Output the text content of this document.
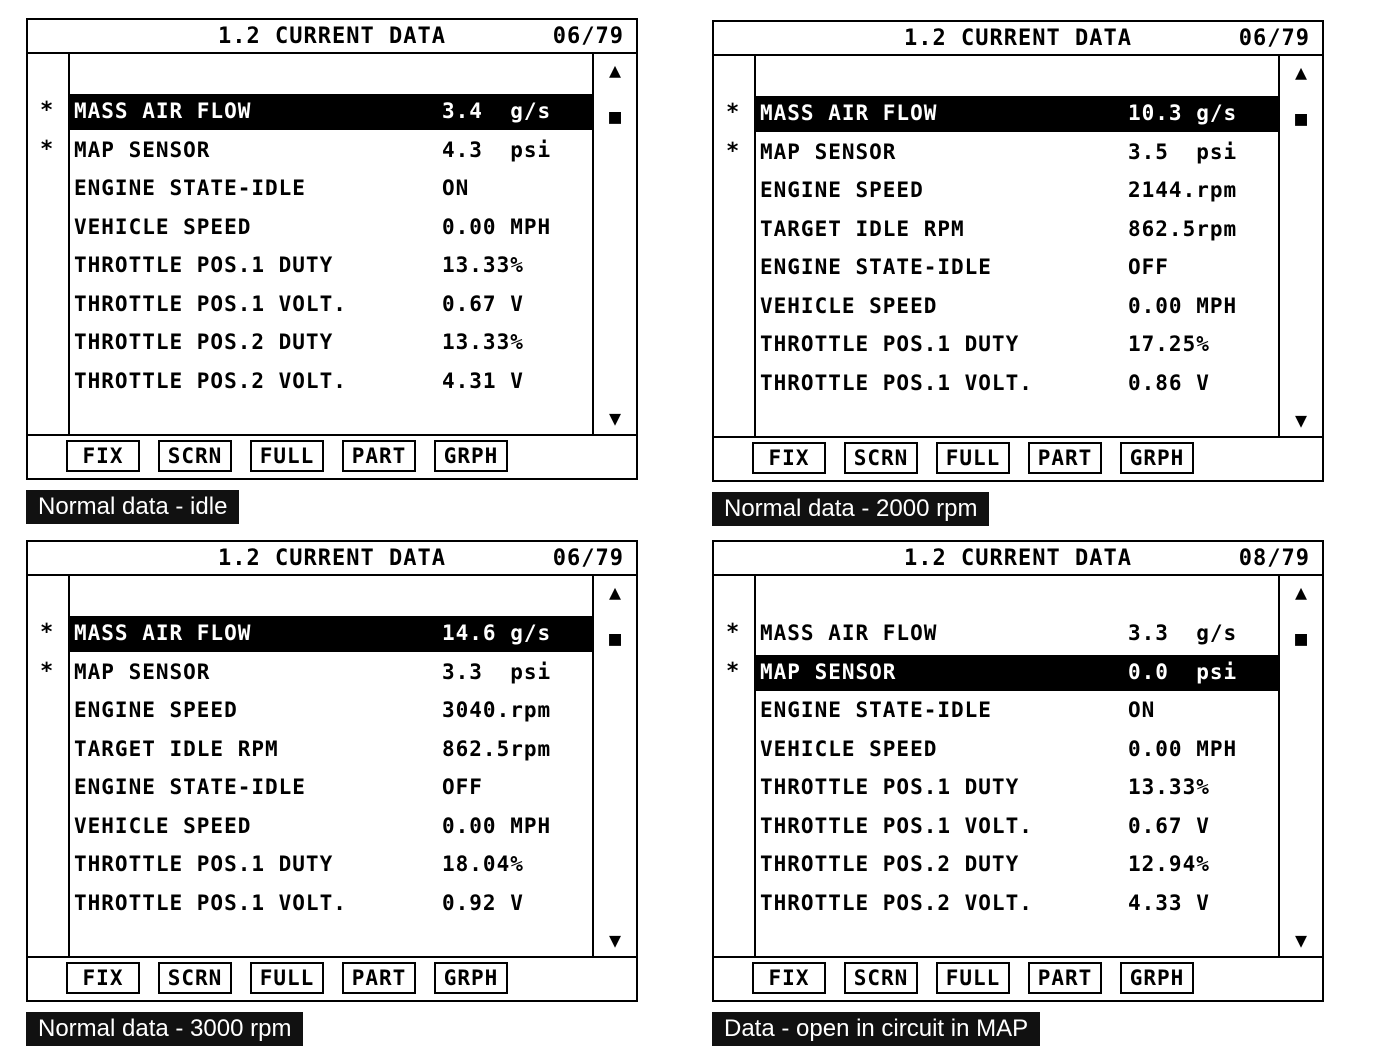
1.2 CURRENT DATA	06/79
▲
■
▼
MASS AIR FLOW	3.4  g/s
MAP SENSOR	4.3  psi
ENGINE STATE-IDLE	ON
VEHICLE SPEED	0.00 MPH
THROTTLE POS.1 DUTY	13.33%
THROTTLE POS.1 VOLT.	0.67 V
THROTTLE POS.2 DUTY	13.33%
THROTTLE POS.2 VOLT.	4.31 V
*
*
FIX	SCRN	FULL	PART	GRPH
Normal data - idle
1.2 CURRENT DATA	06/79
▲
■
▼
MASS AIR FLOW	10.3 g/s
MAP SENSOR	3.5  psi
ENGINE SPEED	2144.rpm
TARGET IDLE RPM	862.5rpm
ENGINE STATE-IDLE	OFF
VEHICLE SPEED	0.00 MPH
THROTTLE POS.1 DUTY	17.25%
THROTTLE POS.1 VOLT.	0.86 V
*
*
FIX	SCRN	FULL	PART	GRPH
Normal data - 2000 rpm
1.2 CURRENT DATA	06/79
▲
■
▼
MASS AIR FLOW	14.6 g/s
MAP SENSOR	3.3  psi
ENGINE SPEED	3040.rpm
TARGET IDLE RPM	862.5rpm
ENGINE STATE-IDLE	OFF
VEHICLE SPEED	0.00 MPH
THROTTLE POS.1 DUTY	18.04%
THROTTLE POS.1 VOLT.	0.92 V
*
*
FIX	SCRN	FULL	PART	GRPH
Normal data - 3000 rpm
1.2 CURRENT DATA	08/79
▲
■
▼
MASS AIR FLOW	3.3  g/s
MAP SENSOR	0.0  psi
ENGINE STATE-IDLE	ON
VEHICLE SPEED	0.00 MPH
THROTTLE POS.1 DUTY	13.33%
THROTTLE POS.1 VOLT.	0.67 V
THROTTLE POS.2 DUTY	12.94%
THROTTLE POS.2 VOLT.	4.33 V
*
*
FIX	SCRN	FULL	PART	GRPH
Data - open in circuit in MAP
